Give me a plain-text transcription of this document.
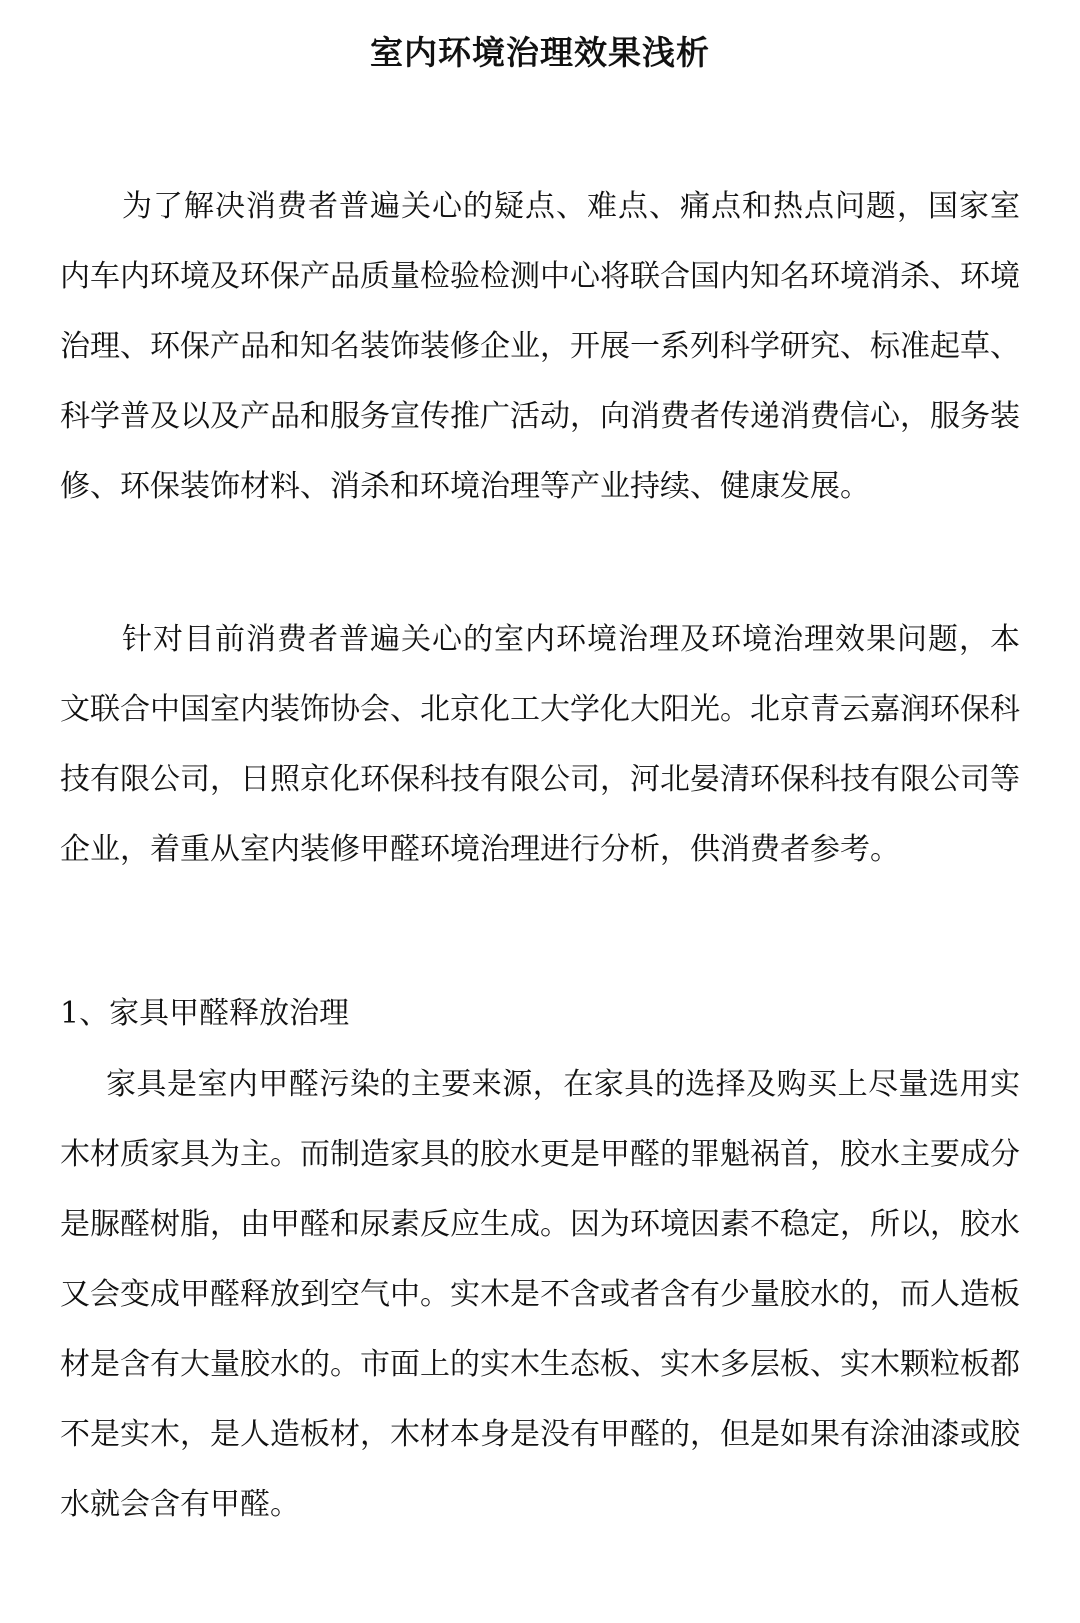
室内环境治理效果浅析

为了解决消费者普遍关心的疑点、难点、痛点和热点问题，国家室内车内环境及环保产品质量检验检测中心将联合国内知名环境消杀、环境治理、环保产品和知名装饰装修企业，开展一系列科学研究、标准起草、科学普及以及产品和服务宣传推广活动，向消费者传递消费信心，服务装修、环保装饰材料、消杀和环境治理等产业持续、健康发展。

针对目前消费者普遍关心的室内环境治理及环境治理效果问题，本文联合中国室内装饰协会、北京化工大学化大阳光。北京青云嘉润环保科技有限公司，日照京化环保科技有限公司，河北晏清环保科技有限公司等企业，着重从室内装修甲醛环境治理进行分析，供消费者参考。

1、家具甲醛释放治理

家具是室内甲醛污染的主要来源，在家具的选择及购买上尽量选用实木材质家具为主。而制造家具的胶水更是甲醛的罪魁祸首，胶水主要成分是脲醛树脂，由甲醛和尿素反应生成。因为环境因素不稳定，所以，胶水又会变成甲醛释放到空气中。实木是不含或者含有少量胶水的，而人造板材是含有大量胶水的。市面上的实木生态板、实木多层板、实木颗粒板都不是实木，是人造板材，木材本身是没有甲醛的，但是如果有涂油漆或胶水就会含有甲醛。
